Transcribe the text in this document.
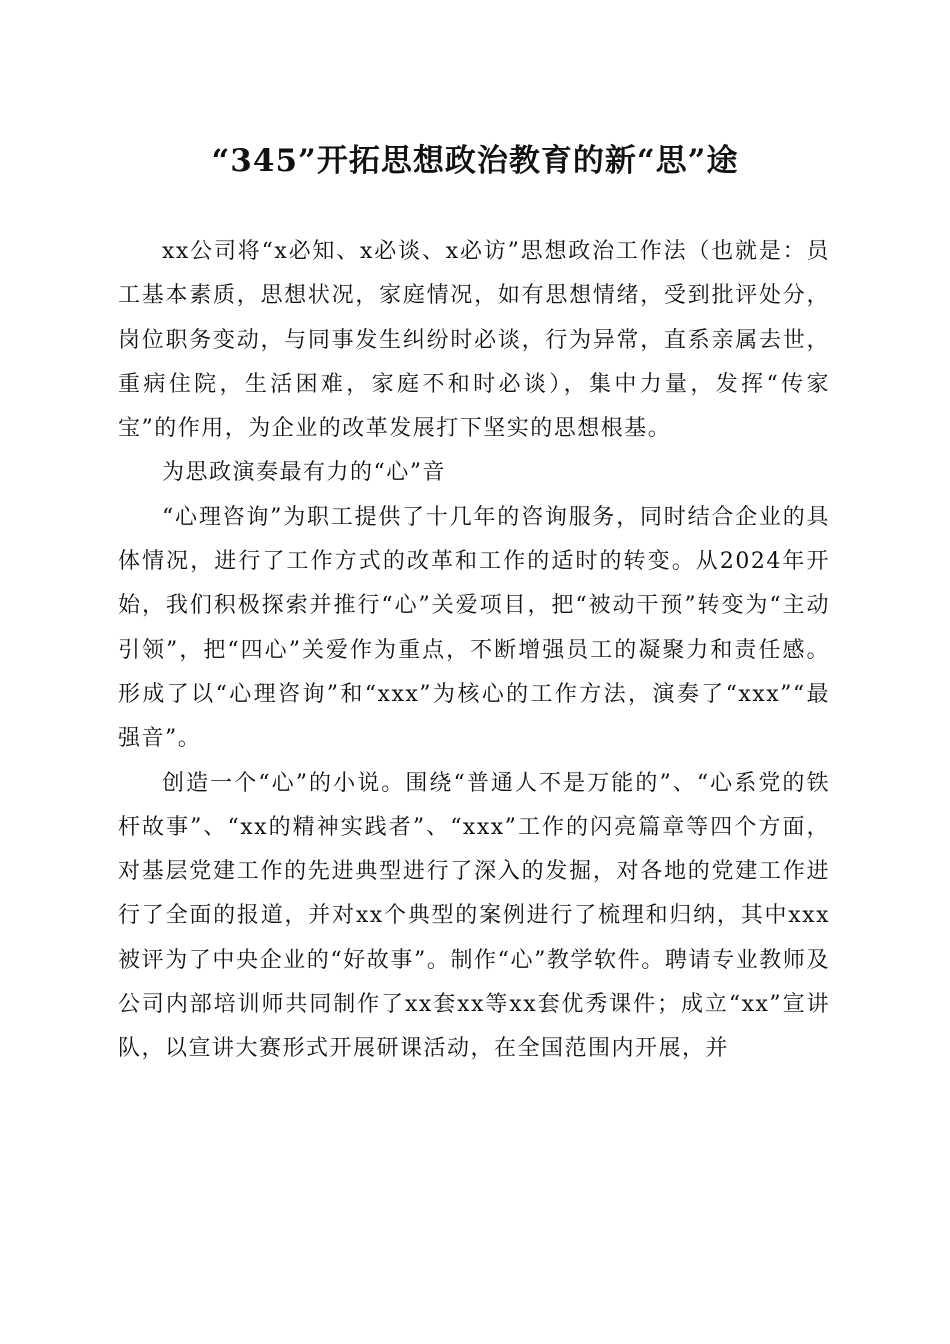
“345”开拓思想政治教育的新“思”途

xx公司将“x必知、x必谈、x必访”思想政治工作法（也就是：员工基本素质，思想状况，家庭情况，如有思想情绪，受到批评处分，岗位职务变动，与同事发生纠纷时必谈，行为异常，直系亲属去世，重病住院，生活困难，家庭不和时必谈），集中力量，发挥“传家宝”的作用，为企业的改革发展打下坚实的思想根基。

为思政演奏最有力的“心”音

“心理咨询”为职工提供了十几年的咨询服务，同时结合企业的具体情况，进行了工作方式的改革和工作的适时的转变。从2024年开始，我们积极探索并推行“心”关爱项目，把“被动干预”转变为“主动引领”，把“四心”关爱作为重点，不断增强员工的凝聚力和责任感。形成了以“心理咨询”和“xxx”为核心的工作方法，演奏了“xxx”“最强音”。

创造一个“心”的小说。围绕“普通人不是万能的”、“心系党的铁杆故事”、“xx的精神实践者”、“xxx”工作的闪亮篇章等四个方面，对基层党建工作的先进典型进行了深入的发掘，对各地的党建工作进行了全面的报道，并对xx个典型的案例进行了梳理和归纳，其中xxx被评为了中央企业的“好故事”。制作“心”教学软件。聘请专业教师及公司内部培训师共同制作了xx套xx等xx套优秀课件；成立“xx”宣讲队，以宣讲大赛形式开展研课活动，在全国范围内开展，并
